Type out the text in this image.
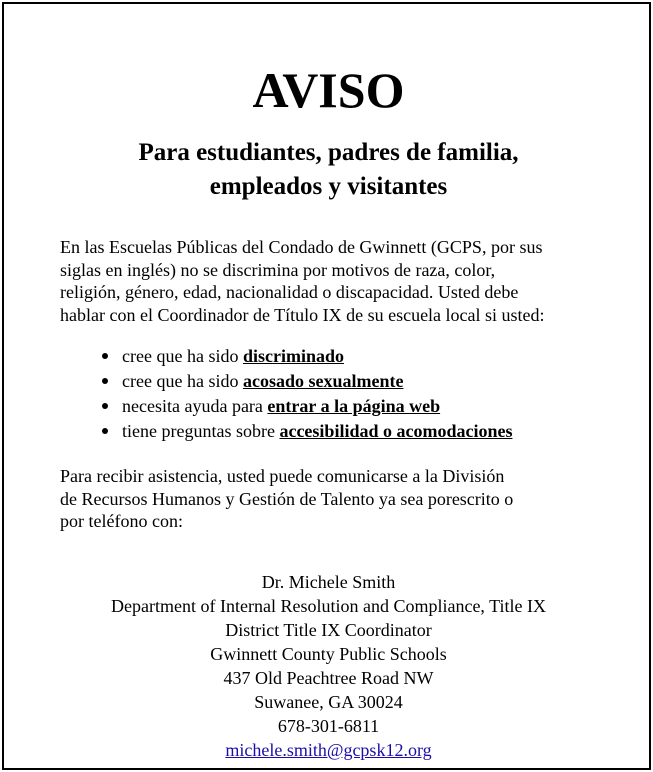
AVISO
Para estudiantes, padres de familia,
empleados y visitantes

En las Escuelas Públicas del Condado de Gwinnett (GCPS, por sus
siglas en inglés) no se discrimina por motivos de raza, color,
religión, género, edad, nacionalidad o discapacidad. Usted debe
hablar con el Coordinador de Título IX de su escuela local si usted:

cree que ha sido discriminado
cree que ha sido acosado sexualmente
necesita ayuda para entrar a la página web
tiene preguntas sobre accesibilidad o acomodaciones

Para recibir asistencia, usted puede comunicarse a la División
de Recursos Humanos y Gestión de Talento ya sea porescrito o
por teléfono con:

Dr. Michele Smith
Department of Internal Resolution and Compliance, Title IX
District Title IX Coordinator
Gwinnett County Public Schools
437 Old Peachtree Road NW
Suwanee, GA 30024
678-301-6811
michele.smith@gcpsk12.org
